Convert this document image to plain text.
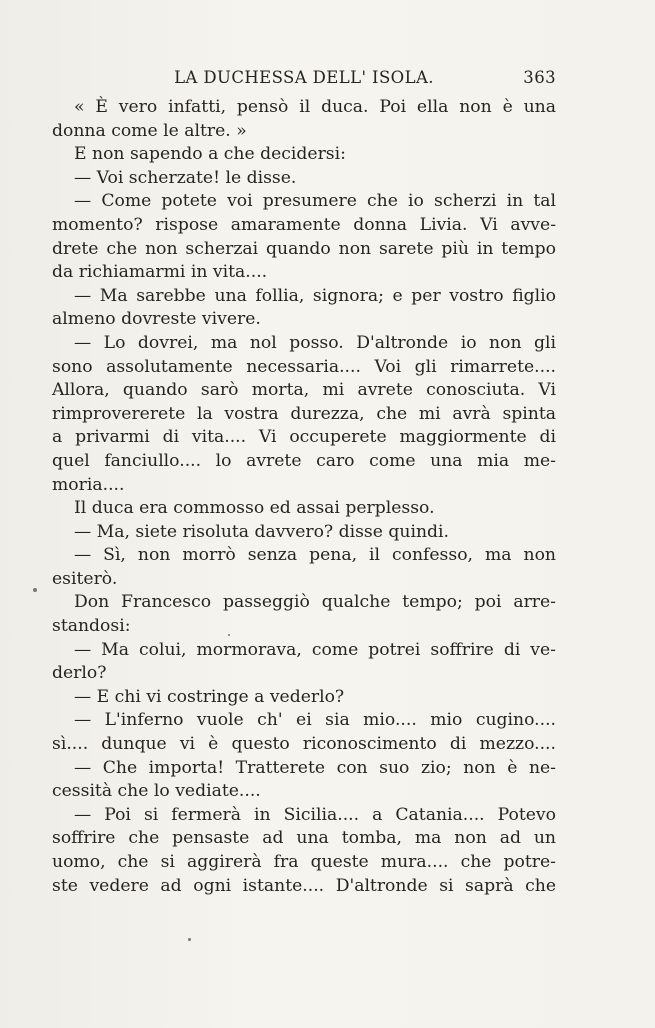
LA DUCHESSA DELL' ISOLA.	363
« È vero infatti, pensò il duca. Poi ella non è una
donna come le altre. »
E non sapendo a che decidersi:
— Voi scherzate! le disse.
— Come potete voi presumere che io scherzi in tal
momento? rispose amaramente donna Livia. Vi avve-
drete che non scherzai quando non sarete più in tempo
da richiamarmi in vita....
— Ma sarebbe una follia, signora; e per vostro figlio
almeno dovreste vivere.
— Lo dovrei, ma nol posso. D'altronde io non gli
sono assolutamente necessaria.... Voi gli rimarrete....
Allora, quando sarò morta, mi avrete conosciuta. Vi
rimprovererete la vostra durezza, che mi avrà spinta
a privarmi di vita.... Vi occuperete maggiormente di
quel fanciullo.... lo avrete caro come una mia me-
moria....
Il duca era commosso ed assai perplesso.
— Ma, siete risoluta davvero? disse quindi.
— Sì, non morrò senza pena, il confesso, ma non
esiterò.
Don Francesco passeggiò qualche tempo; poi arre-
standosi:
— Ma colui, mormorava, come potrei soffrire di ve-
derlo?
— E chi vi costringe a vederlo?
— L'inferno vuole ch' ei sia mio.... mio cugino....
sì.... dunque vi è questo riconoscimento di mezzo....
— Che importa! Tratterete con suo zio; non è ne-
cessità che lo vediate....
— Poi si fermerà in Sicilia.... a Catania.... Potevo
soffrire che pensaste ad una tomba, ma non ad un
uomo, che si aggirerà fra queste mura.... che potre-
ste vedere ad ogni istante.... D'altronde si saprà che
